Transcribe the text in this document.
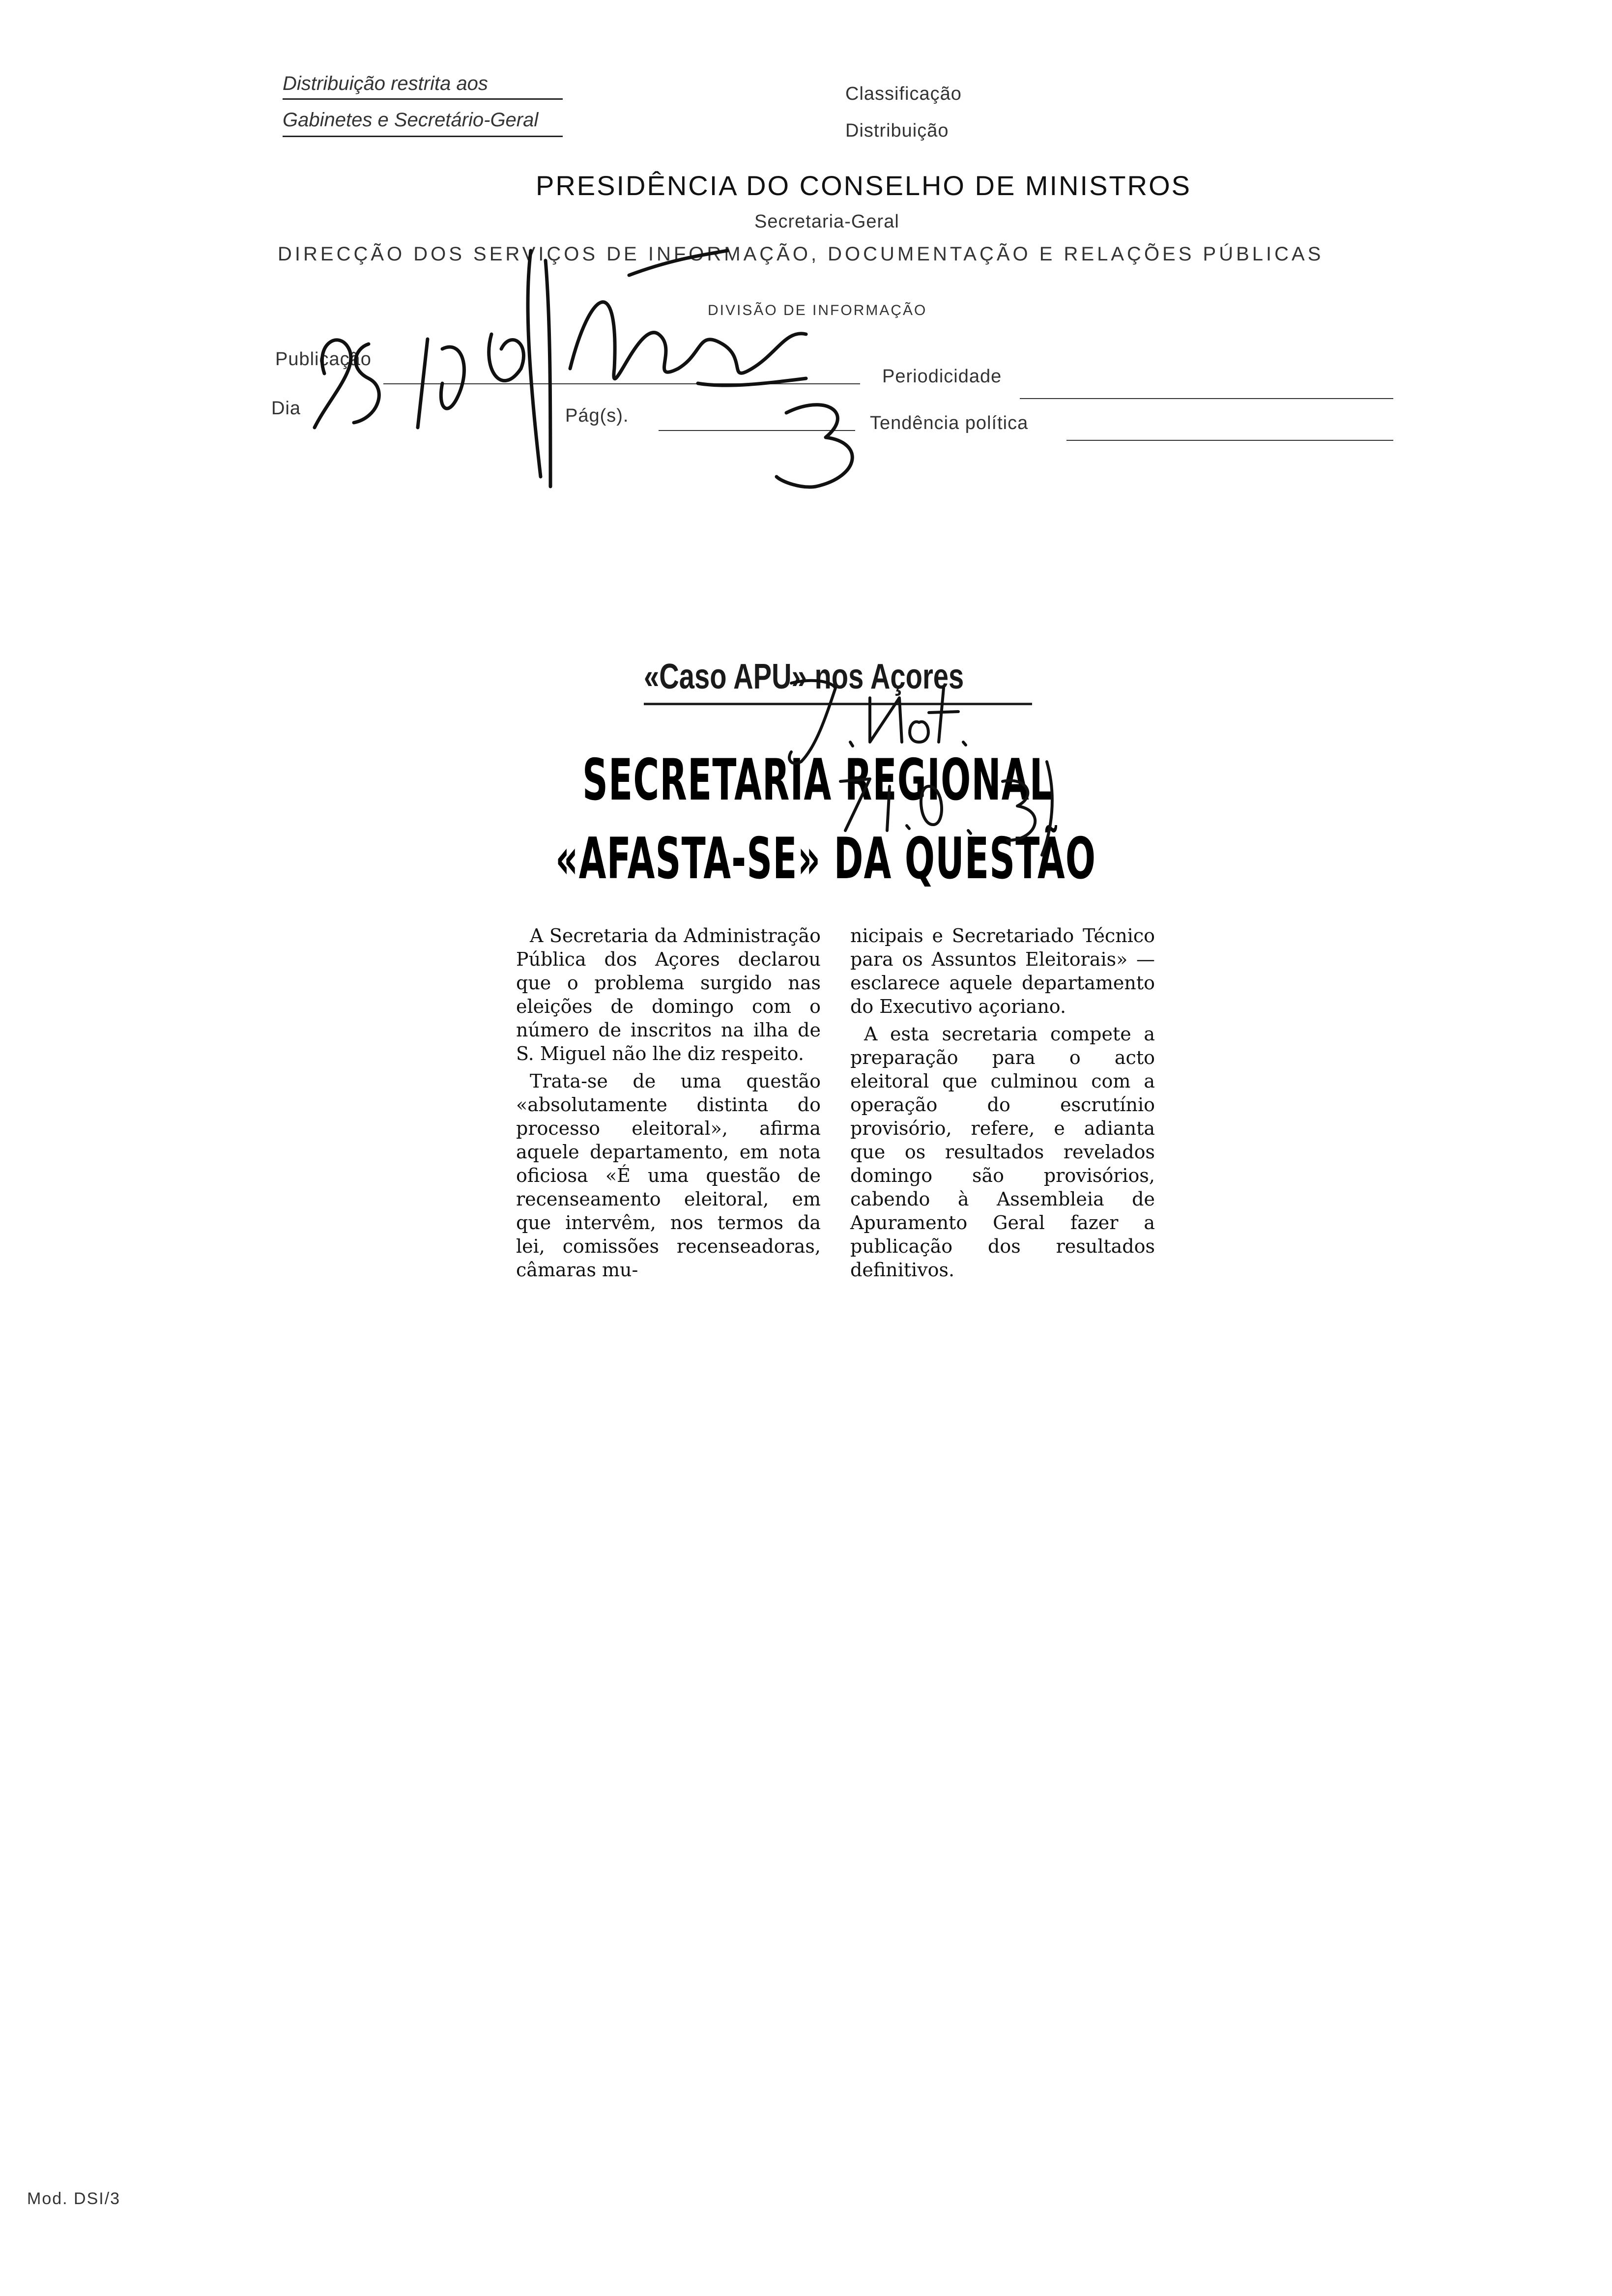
Distribuição restrita aos
Gabinetes e Secretário-Geral
Classificação
Distribuição
PRESIDÊNCIA DO CONSELHO DE MINISTROS
Secretaria-Geral
DIRECÇÃO DOS SERVIÇOS DE INFORMAÇÃO, DOCUMENTAÇÃO E RELAÇÕES PÚBLICAS
DIVISÃO DE INFORMAÇÃO
Publicação
Periodicidade
Dia	Pág(s).	Tendência política
«Caso APU» nos Açores
SECRETARIA REGIONAL
«AFASTA-SE» DA QUESTÃO

A Secretaria da Administração Pública dos Açores declarou que o problema surgido nas eleições de domingo com o número de inscritos na ilha de S. Miguel não lhe diz respeito.

Trata-se de uma questão «absolutamente distinta do processo eleitoral», afirma aquele departamento, em nota oficiosa «É uma questão de recenseamento eleitoral, em que intervêm, nos termos da lei, comissões recenseadoras, câmaras mu-

nicipais e Secretariado Técnico para os Assuntos Eleitorais» — esclarece aquele departamento do Executivo açoriano.

A esta secretaria compete a preparação para o acto eleitoral que culminou com a operação do escrutínio provisório, refere, e adianta que os resultados revelados domingo são provisórios, cabendo à Assembleia de Apuramento Geral fazer a publicação dos resultados definitivos.

Mod. DSI/3
